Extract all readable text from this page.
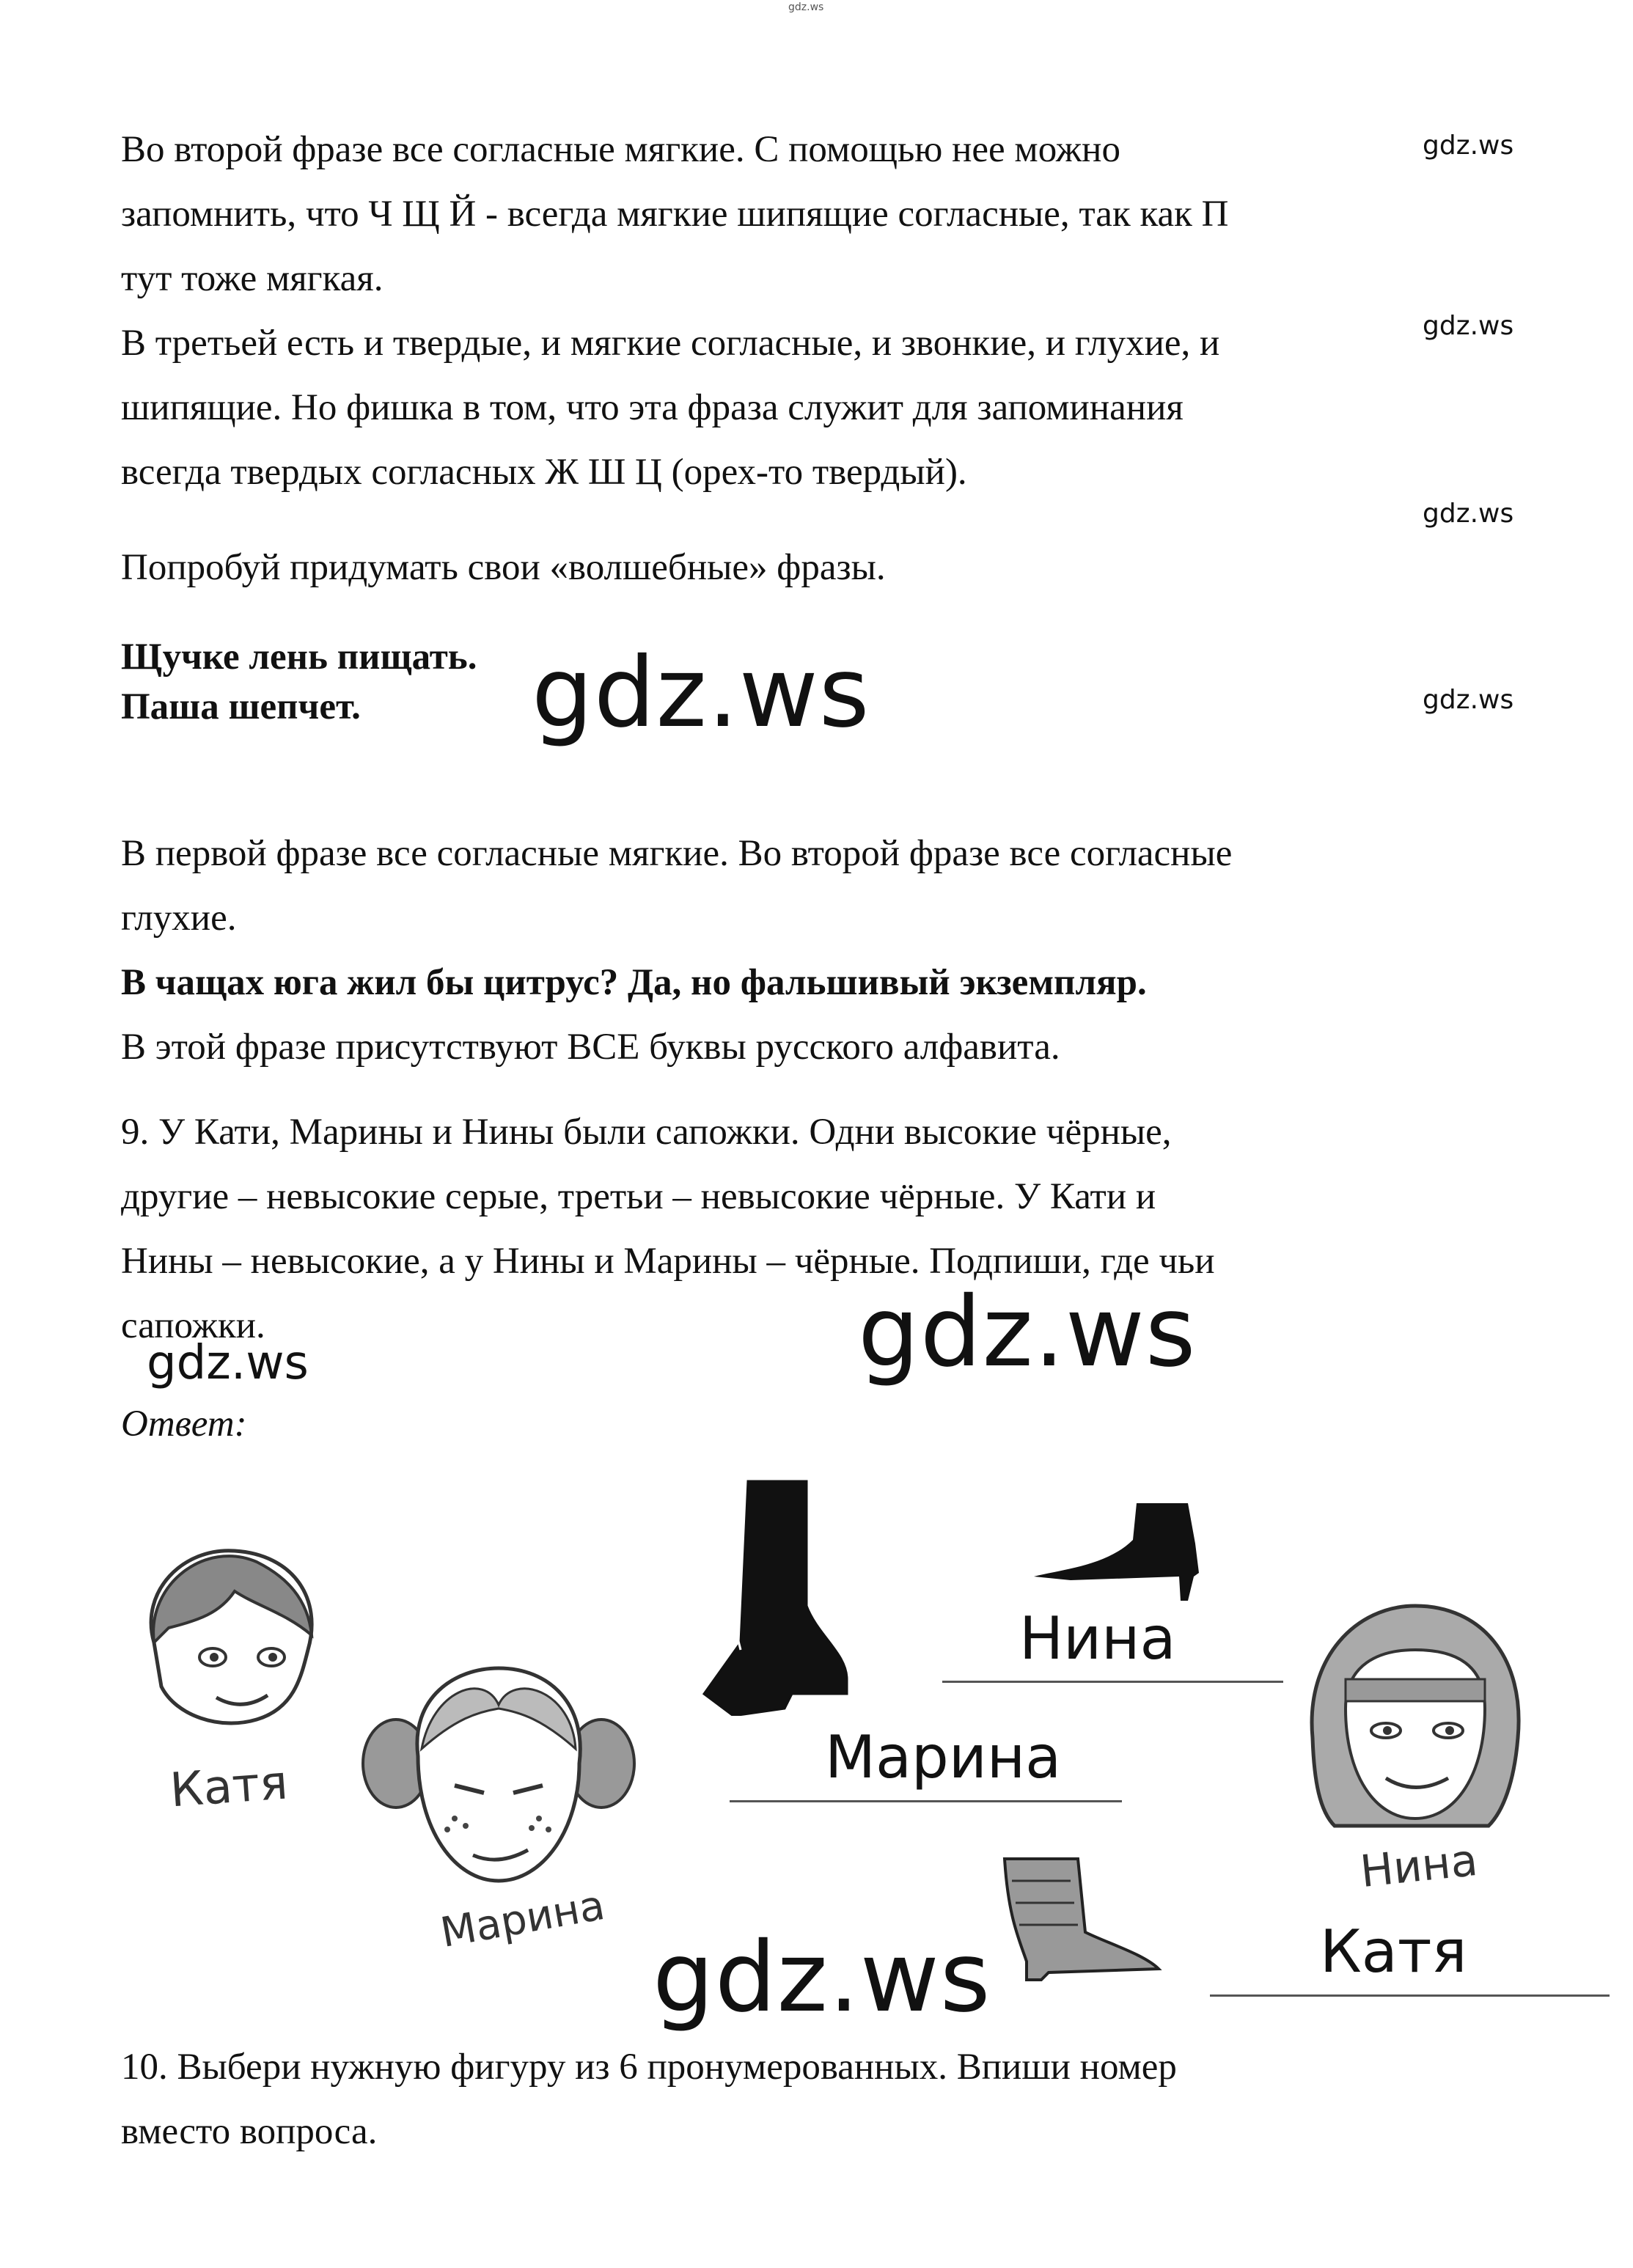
gdz.ws
gdz.ws
gdz.ws
gdz.ws
gdz.ws

Во второй фразе все согласные мягкие. С помощью нее можно

запомнить, что Ч Щ Й - всегда мягкие шипящие согласные, так как П

тут тоже мягкая.

В третьей есть и твердые, и мягкие согласные, и звонкие, и глухие, и

шипящие. Но фишка в том, что эта фраза служит для запоминания

всегда твердых согласных Ж Ш Ц (орех-то твердый).

Попробуй придумать свои «волшебные» фразы.

Щучке лень пищать.

Паша шепчет.	gdz.ws

В первой фразе все согласные мягкие. Во второй фразе все согласные

глухие.

В чащах юга жил бы цитрус? Да, но фальшивый экземпляр.

В этой фразе присутствуют ВСЕ буквы русского алфавита.

9. У Кати, Марины и Нины были сапожки. Одни высокие чёрные,

другие – невысокие серые, третьи – невысокие чёрные. У Кати и

Нины – невысокие, а у Нины и Марины – чёрные. Подпиши, где чьи

сапожки.

Ответ:
gdz.ws
gdz.ws
Катя
Марина
Нина
Нина
Марина
Катя
gdz.ws

10. Выбери нужную фигуру из 6 пронумерованных. Впиши номер

вместо вопроса.
